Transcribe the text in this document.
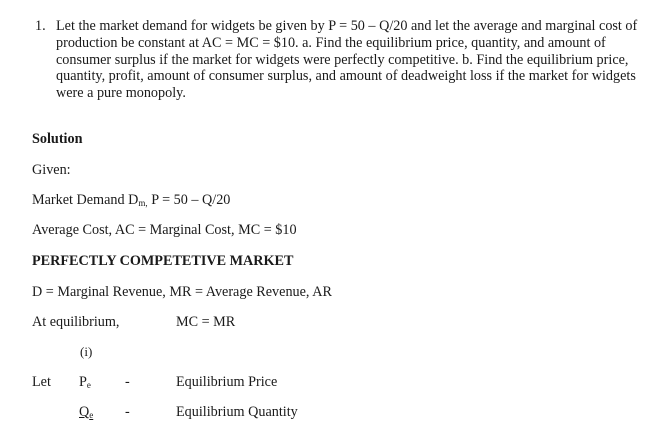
1. Let the market demand for widgets be given by P = 50 – Q/20 and let the average and marginal cost of production be constant at AC = MC = $10. a. Find the equilibrium price, quantity, and amount of consumer surplus if the market for widgets were perfectly competitive. b. Find the equilibrium price, quantity, profit, amount of consumer surplus, and amount of deadweight loss if the market for widgets were a pure monopoly.
Solution
Given:
Market Demand $D_{m,}$ P = 50 – Q/20
Average Cost, AC = Marginal Cost, MC = $10
PERFECTLY COMPETETIVE MARKET
D = Marginal Revenue, MR = Average Revenue, AR
At equilibrium,	MC = MR
(i)
Let $P_e$ -	Equilibrium Price
$Q_e$ -	Equilibrium Quantity
